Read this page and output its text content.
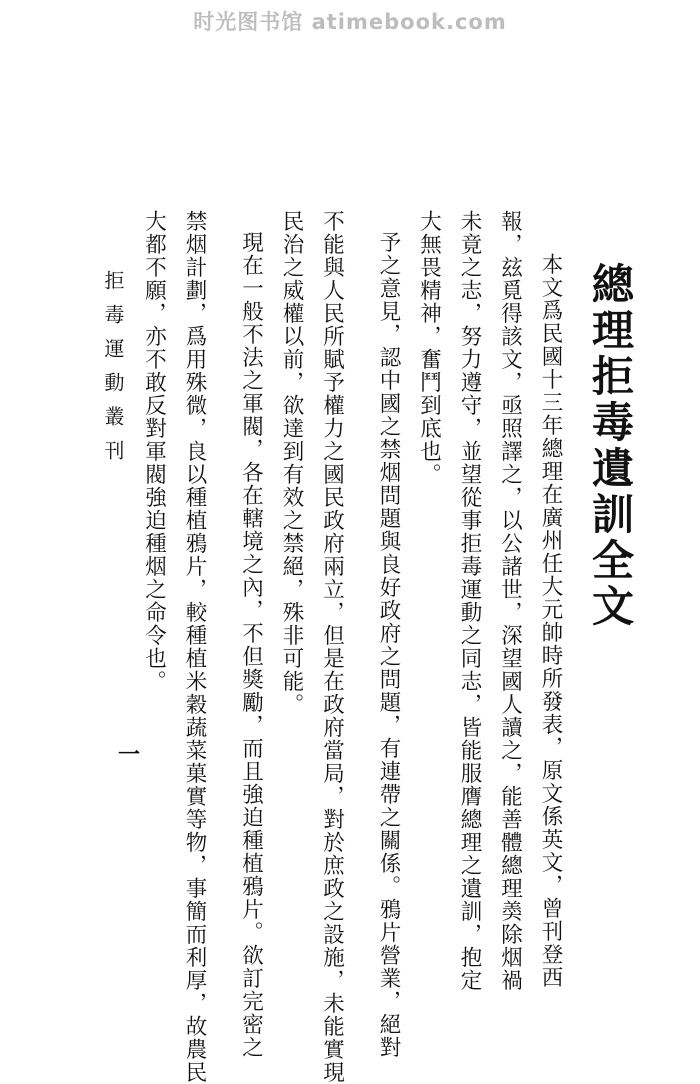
时光图书馆 atimebook.com
總理拒毒遺訓全文
本文爲民國十三年總理在廣州任大元帥時所發表，原文係英文，曾刊登西
報，玆覓得該文，亟照譯之，以公諸世，深望國人讀之，能善體總理𡙡除烟禍
未竟之志，努力遵守，並望從事拒毒運動之同志，皆能服膺總理之遺訓，抱定
大無畏精神，奮鬥到底也。
予之意見，認中國之禁烟問題與良好政府之問題，有連帶之關係。鴉片營業，絕對
不能與人民所賦予權力之國民政府兩立，但是在政府當局，對於庶政之設施，未能實現
民治之威權以前，欲達到有效之禁絕，殊非可能。
現在一般不法之軍閥，各在轄境之內，不但獎勵，而且強迫種植鴉片。欲訂完密之
禁烟計劃，爲用殊微，良以種植鴉片，較種植米穀蔬菜菓實等物，事簡而利厚，故農民
大都不願，亦不敢反對軍閥強迫種烟之命令也。
拒毒運動叢刊
一
